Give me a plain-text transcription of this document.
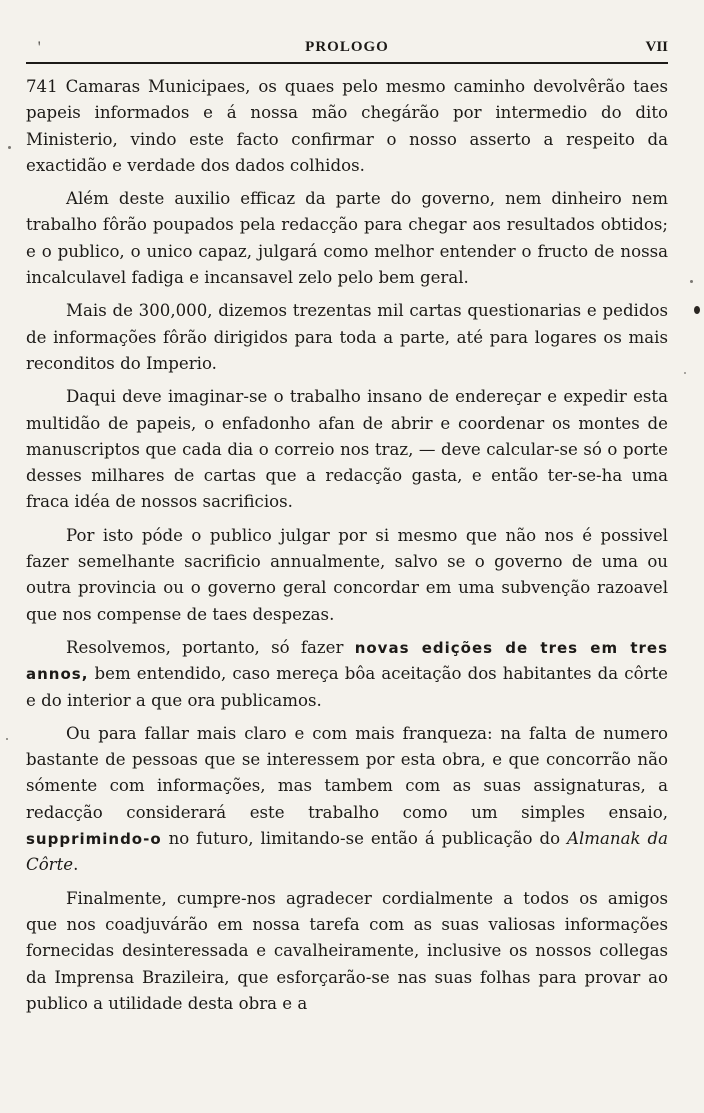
ꞌ	PROLOGO	VII

741 Camaras Municipaes, os quaes pelo mesmo caminho devolvêrão taes papeis informados e á nossa mão chegárão por intermedio do dito Ministerio, vindo este facto confirmar o nosso asserto a respeito da exactidão e verdade dos dados colhidos.

Além deste auxilio efficaz da parte do governo, nem dinheiro nem trabalho fôrão poupados pela redacção para chegar aos resultados obtidos; e o publico, o unico capaz, julgará como melhor entender o fructo de nossa incalculavel fadiga e incansavel zelo pelo bem geral.

Mais de 300,000, dizemos trezentas mil cartas questionarias e pedidos de informações fôrão dirigidos para toda a parte, até para logares os mais reconditos do Imperio.

Daqui deve imaginar-se o trabalho insano de endereçar e expedir esta multidão de papeis, o enfadonho afan de abrir e coordenar os montes de manuscriptos que cada dia o correio nos traz, — deve calcular-se só o porte desses milhares de cartas que a redacção gasta, e então ter-se-ha uma fraca idéa de nossos sacrificios.

Por isto póde o publico julgar por si mesmo que não nos é possivel fazer semelhante sacrificio annualmente, salvo se o governo de uma ou outra provincia ou o governo geral concordar em uma subvenção razoavel que nos compense de taes despezas.

Resolvemos, portanto, só fazer novas edições de tres em tres annos, bem entendido, caso mereça bôa aceitação dos habitantes da côrte e do interior a que ora publicamos.

Ou para fallar mais claro e com mais franqueza: na falta de numero bastante de pessoas que se interessem por esta obra, e que concorrão não sómente com informações, mas tambem com as suas assignaturas, a redacção considerará este trabalho como um simples ensaio, supprimindo-o no futuro, limitando-se então á publicação do Almanak da Côrte.

Finalmente, cumpre-nos agradecer cordialmente a todos os amigos que nos coadjuvárão em nossa tarefa com as suas valiosas informações fornecidas desinteressada e cavalheiramente, inclusive os nossos collegas da Imprensa Brazileira, que esforçarão-se nas suas folhas para provar ao publico a utilidade desta obra e a
